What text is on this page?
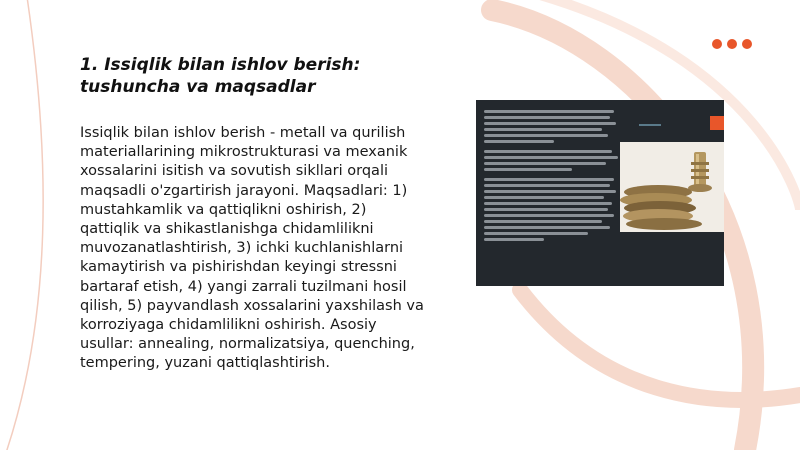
1. Issiqlik bilan ishlov berish:
tushuncha va maqsadlar

Issiqlik bilan ishlov berish - metall va qurilish materiallarining mikrostrukturasi va mexanik xossalarini isitish va sovutish sikllari orqali maqsadli o'zgartirish jarayoni. Maqsadlari: 1) mustahkamlik va qattiqlikni oshirish, 2) qattiqlik va shikastlanishga chidamlilikni muvozanatlashtirish, 3) ichki kuchlanishlarni kamaytirish va pishirishdan keyingi stressni bartaraf etish, 4) yangi zarrali tuzilmani hosil qilish, 5) payvandlash xossalarini yaxshilash va korroziyaga chidamlilikni oshirish. Asosiy usullar: annealing, normalizatsiya, quenching, tempering, yuzani qattiqlashtirish.
